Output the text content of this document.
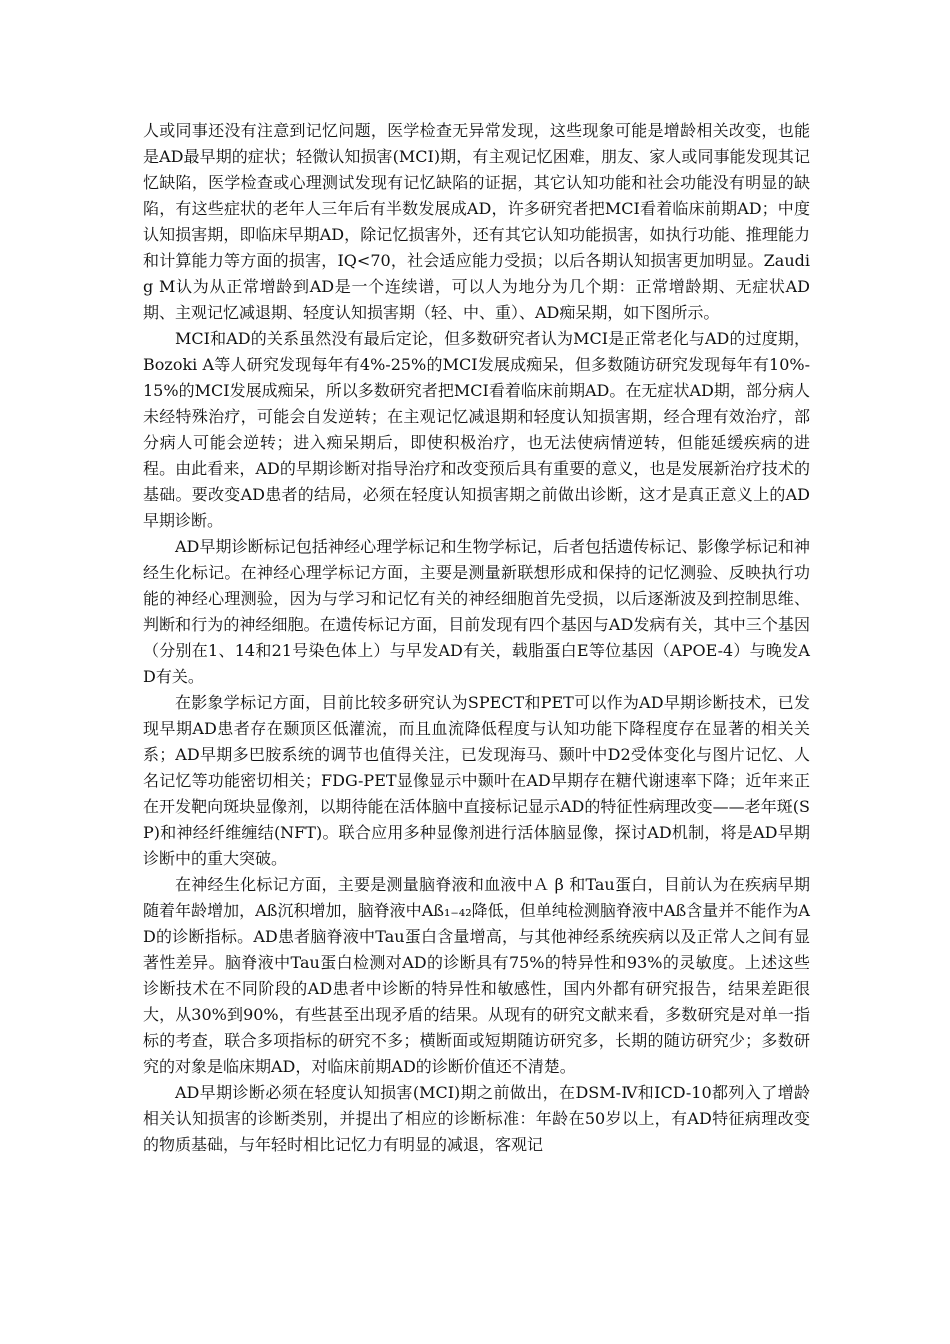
人或同事还没有注意到记忆问题，医学检查无异常发现，这些现象可能是增龄相关改变，也能是AD最早期的症状；轻微认知损害(MCI)期，有主观记忆困难，朋友、家人或同事能发现其记忆缺陷，医学检查或心理测试发现有记忆缺陷的证据，其它认知功能和社会功能没有明显的缺陷，有这些症状的老年人三年后有半数发展成AD，许多研究者把MCI看着临床前期AD；中度认知损害期，即临床早期AD，除记忆损害外，还有其它认知功能损害，如执行功能、推理能力和计算能力等方面的损害，IQ<70，社会适应能力受损；以后各期认知损害更加明显。Zaudig M认为从正常增龄到AD是一个连续谱，可以人为地分为几个期：正常增龄期、无症状AD期、主观记忆减退期、轻度认知损害期（轻、中、重）、AD痴呆期，如下图所示。

MCI和AD的关系虽然没有最后定论，但多数研究者认为MCI是正常老化与AD的过度期，Bozoki A等人研究发现每年有4%-25%的MCI发展成痴呆，但多数随访研究发现每年有10%-15%的MCI发展成痴呆，所以多数研究者把MCI看着临床前期AD。在无症状AD期，部分病人未经特殊治疗，可能会自发逆转；在主观记忆减退期和轻度认知损害期，经合理有效治疗，部分病人可能会逆转；进入痴呆期后，即使积极治疗，也无法使病情逆转，但能延缓疾病的进程。由此看来，AD的早期诊断对指导治疗和改变预后具有重要的意义，也是发展新治疗技术的基础。要改变AD患者的结局，必须在轻度认知损害期之前做出诊断，这才是真正意义上的AD早期诊断。

AD早期诊断标记包括神经心理学标记和生物学标记，后者包括遗传标记、影像学标记和神经生化标记。在神经心理学标记方面，主要是测量新联想形成和保持的记忆测验、反映执行功能的神经心理测验，因为与学习和记忆有关的神经细胞首先受损，以后逐渐波及到控制思维、判断和行为的神经细胞。在遗传标记方面，目前发现有四个基因与AD发病有关，其中三个基因（分别在1、14和21号染色体上）与早发AD有关，载脂蛋白E等位基因（APOE-4）与晚发AD有关。

在影象学标记方面，目前比较多研究认为SPECT和PET可以作为AD早期诊断技术，已发现早期AD患者存在颞顶区低灌流，而且血流降低程度与认知功能下降程度存在显著的相关关系；AD早期多巴胺系统的调节也值得关注，已发现海马、颞叶中D2受体变化与图片记忆、人名记忆等功能密切相关；FDG-PET显像显示中颞叶在AD早期存在糖代谢速率下降；近年来正在开发靶向斑块显像剂，以期待能在活体脑中直接标记显示AD的特征性病理改变——老年斑(SP)和神经纤维缠结(NFT)。联合应用多种显像剂进行活体脑显像，探讨AD机制，将是AD早期诊断中的重大突破。

在神经生化标记方面，主要是测量脑脊液和血液中Ａ β 和Tau蛋白，目前认为在疾病早期随着年龄增加，Aß沉积增加，脑脊液中Aß₁₋₄₂降低，但单纯检测脑脊液中Aß含量并不能作为AD的诊断指标。AD患者脑脊液中Tau蛋白含量增高，与其他神经系统疾病以及正常人之间有显著性差异。脑脊液中Tau蛋白检测对AD的诊断具有75%的特异性和93%的灵敏度。上述这些诊断技术在不同阶段的AD患者中诊断的特异性和敏感性，国内外都有研究报告，结果差距很大，从30%到90%，有些甚至出现矛盾的结果。从现有的研究文献来看，多数研究是对单一指标的考查，联合多项指标的研究不多；横断面或短期随访研究多，长期的随访研究少；多数研究的对象是临床期AD，对临床前期AD的诊断价值还不清楚。

AD早期诊断必须在轻度认知损害(MCI)期之前做出，在DSM-Ⅳ和ICD-10都列入了增龄相关认知损害的诊断类别，并提出了相应的诊断标准：年龄在50岁以上，有AD特征病理改变的物质基础，与年轻时相比记忆力有明显的减退，客观记
